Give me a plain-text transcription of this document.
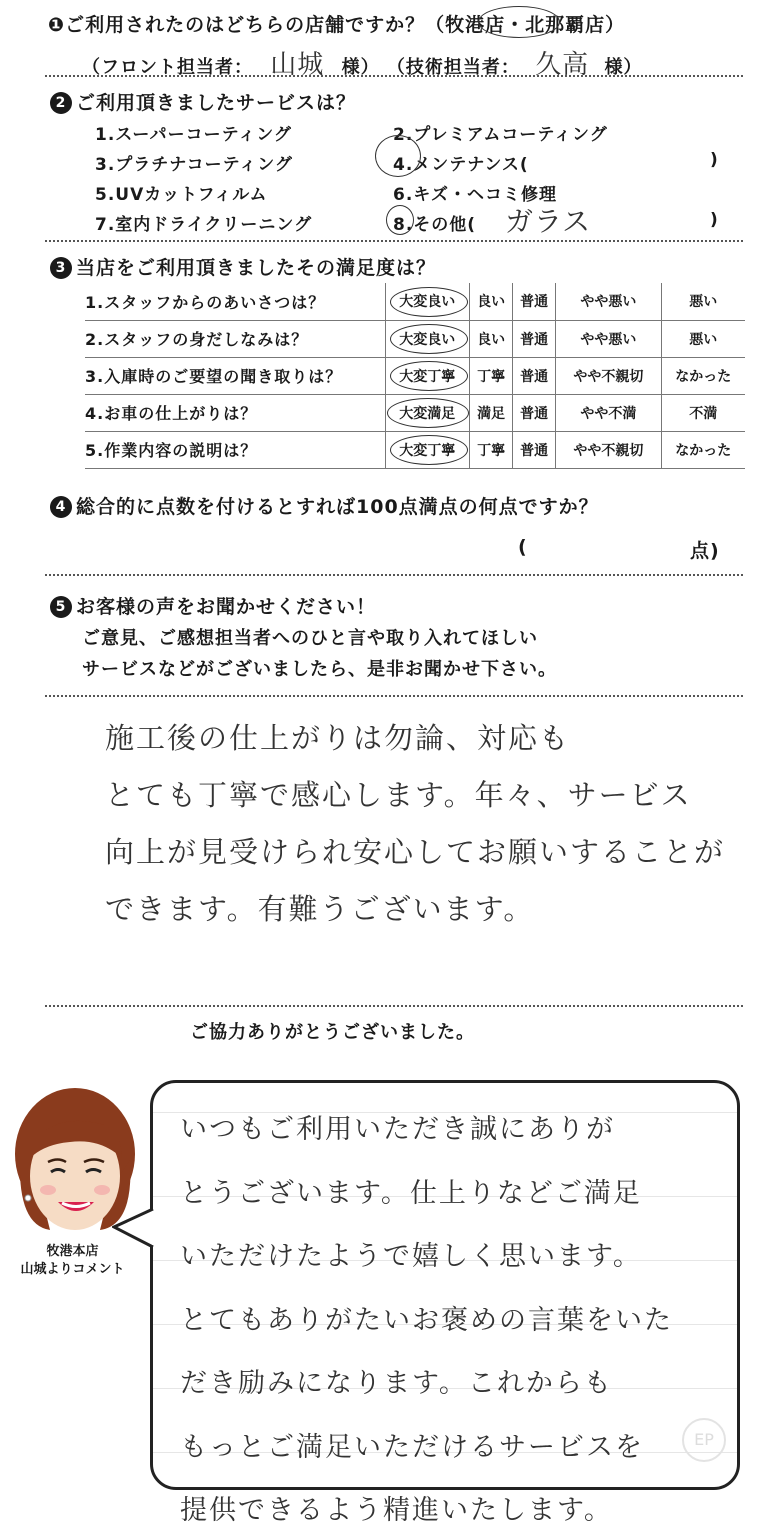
❶ご利用されたのはどちらの店舗ですか？（牧港店・北那覇店）
（フロント担当者： 山城 様） （技術担当者： 久高 様）
2 ご利用頂きましたサービスは？
1.スーパーコーティング	2.プレミアムコーティング
3.プラチナコーティング	4.メンテナンス(	)
5.UVカットフィルム	6.キズ・ヘコミ修理
7.室内ドライクリーニング	8.その他( ガラス	)
3 当店をご利用頂きましたその満足度は？
1.スタッフからのあいさつは？	大変良い	良い	普通	やや悪い	悪い
2.スタッフの身だしなみは？	大変良い	良い	普通	やや悪い	悪い
3.入庫時のご要望の聞き取りは？	大変丁寧	丁寧	普通	やや不親切	なかった
4.お車の仕上がりは？	大変満足	満足	普通	やや不満	不満
5.作業内容の説明は？	大変丁寧	丁寧	普通	やや不親切	なかった
4 総合的に点数を付けるとすれば100点満点の何点ですか？
(	点)
5 お客様の声をお聞かせください！
ご意見、ご感想担当者へのひと言や取り入れてほしい
サービスなどがございましたら、是非お聞かせ下さい。
施工後の仕上がりは勿論、対応も
とても丁寧で感心します。年々、サービス
向上が見受けられ安心してお願いすることが
できます。有難うございます。
ご協力ありがとうございました。
牧港本店
山城よりコメント
いつもご利用いただき誠にありが
とうございます。仕上りなどご満足
いただけたようで嬉しく思います。
とてもありがたいお褒めの言葉をいた
だき励みになります。これからも
もっとご満足いただけるサービスを
提供できるよう精進いたします。
EP
